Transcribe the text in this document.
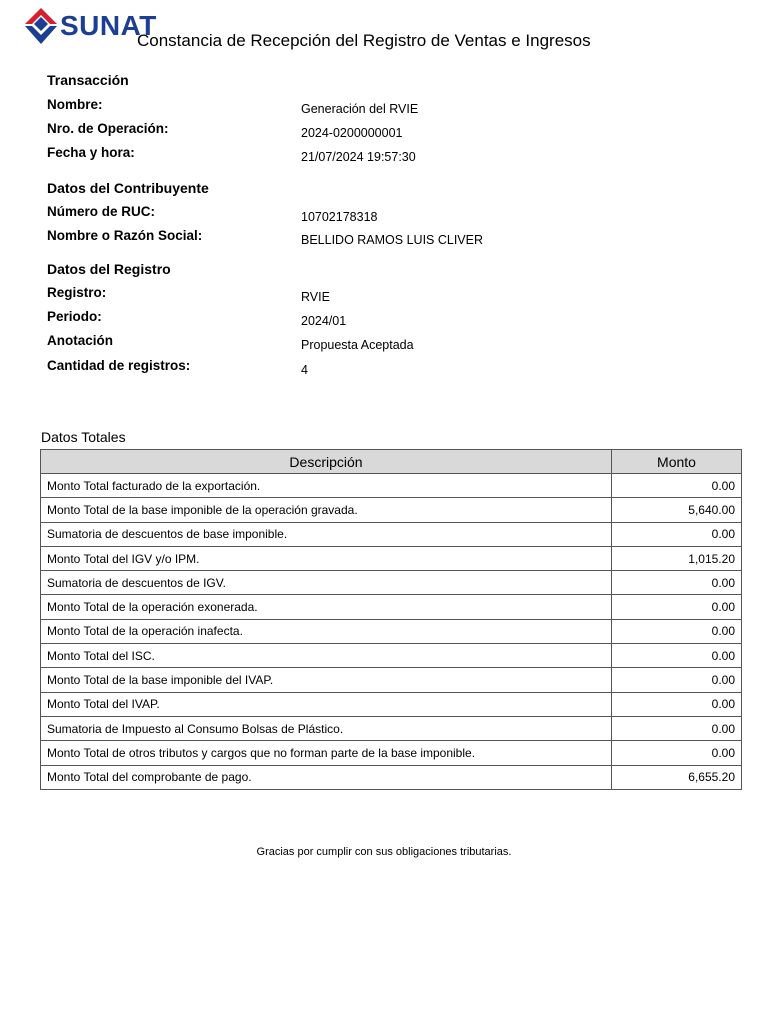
SUNAT
Constancia de Recepción del Registro de Ventas e Ingresos
Transacción
Nombre:	Generación del RVIE
Nro. de Operación:	2024-0200000001
Fecha y hora:	21/07/2024 19:57:30
Datos del Contribuyente
Número de RUC:	10702178318
Nombre o Razón Social:	BELLIDO RAMOS LUIS CLIVER
Datos del Registro
Registro:	RVIE
Periodo:	2024/01
Anotación	Propuesta Aceptada
Cantidad de registros:	4
Datos Totales
Descripción	Monto
Monto Total facturado de la exportación.	0.00
Monto Total de la base imponible de la operación gravada.	5,640.00
Sumatoria de descuentos de base imponible.	0.00
Monto Total del IGV y/o IPM.	1,015.20
Sumatoria de descuentos de IGV.	0.00
Monto Total de la operación exonerada.	0.00
Monto Total de la operación inafecta.	0.00
Monto Total del ISC.	0.00
Monto Total de la base imponible del IVAP.	0.00
Monto Total del IVAP.	0.00
Sumatoria de Impuesto al Consumo Bolsas de Plástico.	0.00
Monto Total de otros tributos y cargos que no forman parte de la base imponible.	0.00
Monto Total del comprobante de pago.	6,655.20
Gracias por cumplir con sus obligaciones tributarias.
